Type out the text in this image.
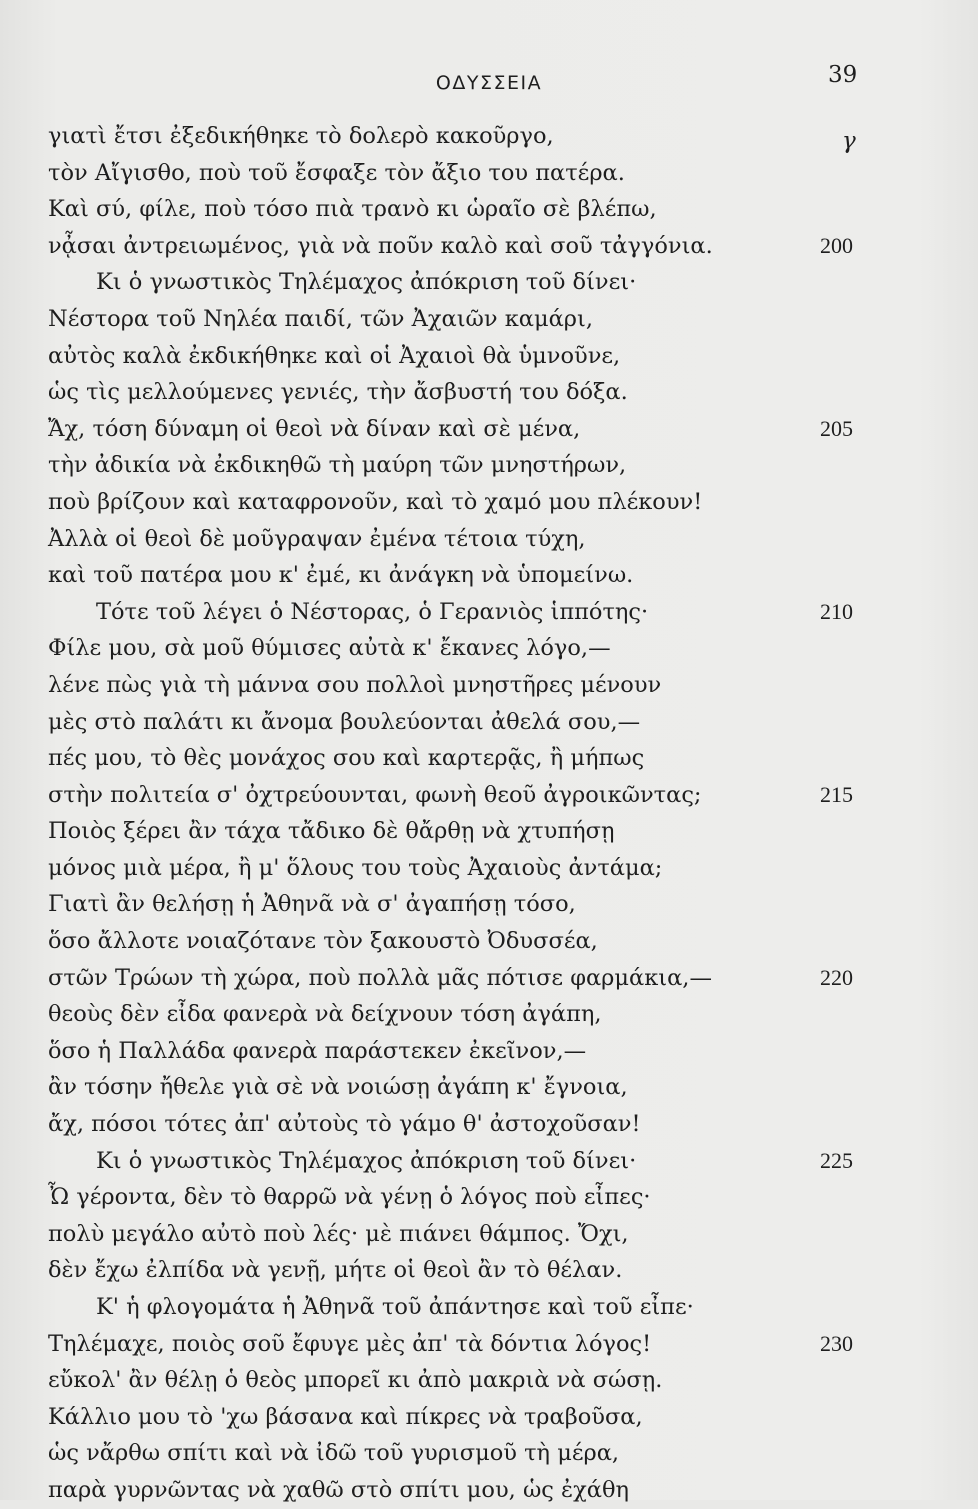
ΟΔΥΣΣΕΙΑ	39
γ
γιατὶ ἔτσι ἐξεδικήθηκε τὸ δολερὸ κακοῦργο,
τὸν Αἴγισθο, ποὺ τοῦ ἔσφαξε τὸν ἄξιο του πατέρα.
Καὶ σύ, φίλε, ποὺ τόσο πιὰ τρανὸ κι ὡραῖο σὲ βλέπω,
νᾆσαι ἀντρειωμένος, γιὰ νὰ ποῦν καλὸ καὶ σοῦ τἀγγόνια.	200
Κι ὁ γνωστικὸς Τηλέμαχος ἀπόκριση τοῦ δίνει·
Νέστορα τοῦ Νηλέα παιδί, τῶν Ἀχαιῶν καμάρι,
αὐτὸς καλὰ ἐκδικήθηκε καὶ οἱ Ἀχαιοὶ θὰ ὑμνοῦνε,
ὡς τὶς μελλούμενες γενιές, τὴν ἄσβυστή του δόξα.
Ἄχ, τόση δύναμη οἱ θεοὶ νὰ δίναν καὶ σὲ μένα,	205
τὴν ἀδικία νὰ ἐκδικηθῶ τὴ μαύρη τῶν μνηστήρων,
ποὺ βρίζουν καὶ καταφρονοῦν, καὶ τὸ χαμό μου πλέκουν!
Ἀλλὰ οἱ θεοὶ δὲ μοῦγραψαν ἐμένα τέτοια τύχη,
καὶ τοῦ πατέρα μου κ' ἐμέ, κι ἀνάγκη νὰ ὑπομείνω.
Τότε τοῦ λέγει ὁ Νέστορας, ὁ Γερανιὸς ἱππότης·	210
Φίλε μου, σὰ μοῦ θύμισες αὐτὰ κ' ἔκανες λόγο,—
λένε πὼς γιὰ τὴ μάννα σου πολλοὶ μνηστῆρες μένουν
μὲς στὸ παλάτι κι ἄνομα βουλεύονται ἀθελά σου,—
πές μου, τὸ θὲς μονάχος σου καὶ καρτερᾷς, ἢ μήπως
στὴν πολιτεία σ' ὀχτρεύουνται, φωνὴ θεοῦ ἀγροικῶντας;	215
Ποιὸς ξέρει ἂν τάχα τἄδικο δὲ θἄρθῃ νὰ χτυπήσῃ
μόνος μιὰ μέρα, ἢ μ' ὅλους του τοὺς Ἀχαιοὺς ἀντάμα;
Γιατὶ ἂν θελήσῃ ἡ Ἀθηνᾶ νὰ σ' ἀγαπήσῃ τόσο,
ὅσο ἄλλοτε νοιαζότανε τὸν ξακουστὸ Ὀδυσσέα,
στῶν Τρώων τὴ χώρα, ποὺ πολλὰ μᾶς πότισε φαρμάκια,—	220
θεοὺς δὲν εἶδα φανερὰ νὰ δείχνουν τόση ἀγάπη,
ὅσο ἡ Παλλάδα φανερὰ παράστεκεν ἐκεῖνον,—
ἂν τόσην ἤθελε γιὰ σὲ νὰ νοιώσῃ ἀγάπη κ' ἔγνοια,
ἄχ, πόσοι τότες ἀπ' αὐτοὺς τὸ γάμο θ' ἀστοχοῦσαν!
Κι ὁ γνωστικὸς Τηλέμαχος ἀπόκριση τοῦ δίνει·	225
Ὦ γέροντα, δὲν τὸ θαρρῶ νὰ γένῃ ὁ λόγος ποὺ εἶπες·
πολὺ μεγάλο αὐτὸ ποὺ λές· μὲ πιάνει θάμπος. Ὄχι,
δὲν ἔχω ἐλπίδα νὰ γενῇ, μήτε οἱ θεοὶ ἂν τὸ θέλαν.
Κ' ἡ φλογομάτα ἡ Ἀθηνᾶ τοῦ ἀπάντησε καὶ τοῦ εἶπε·
Τηλέμαχε, ποιὸς σοῦ ἔφυγε μὲς ἀπ' τὰ δόντια λόγος!	230
εὔκολ' ἂν θέλῃ ὁ θεὸς μπορεῖ κι ἀπὸ μακριὰ νὰ σώσῃ.
Κάλλιο μου τὸ 'χω βάσανα καὶ πίκρες νὰ τραβοῦσα,
ὡς νἄρθω σπίτι καὶ νὰ ἰδῶ τοῦ γυρισμοῦ τὴ μέρα,
παρὰ γυρνῶντας νὰ χαθῶ στὸ σπίτι μου, ὡς ἐχάθη
